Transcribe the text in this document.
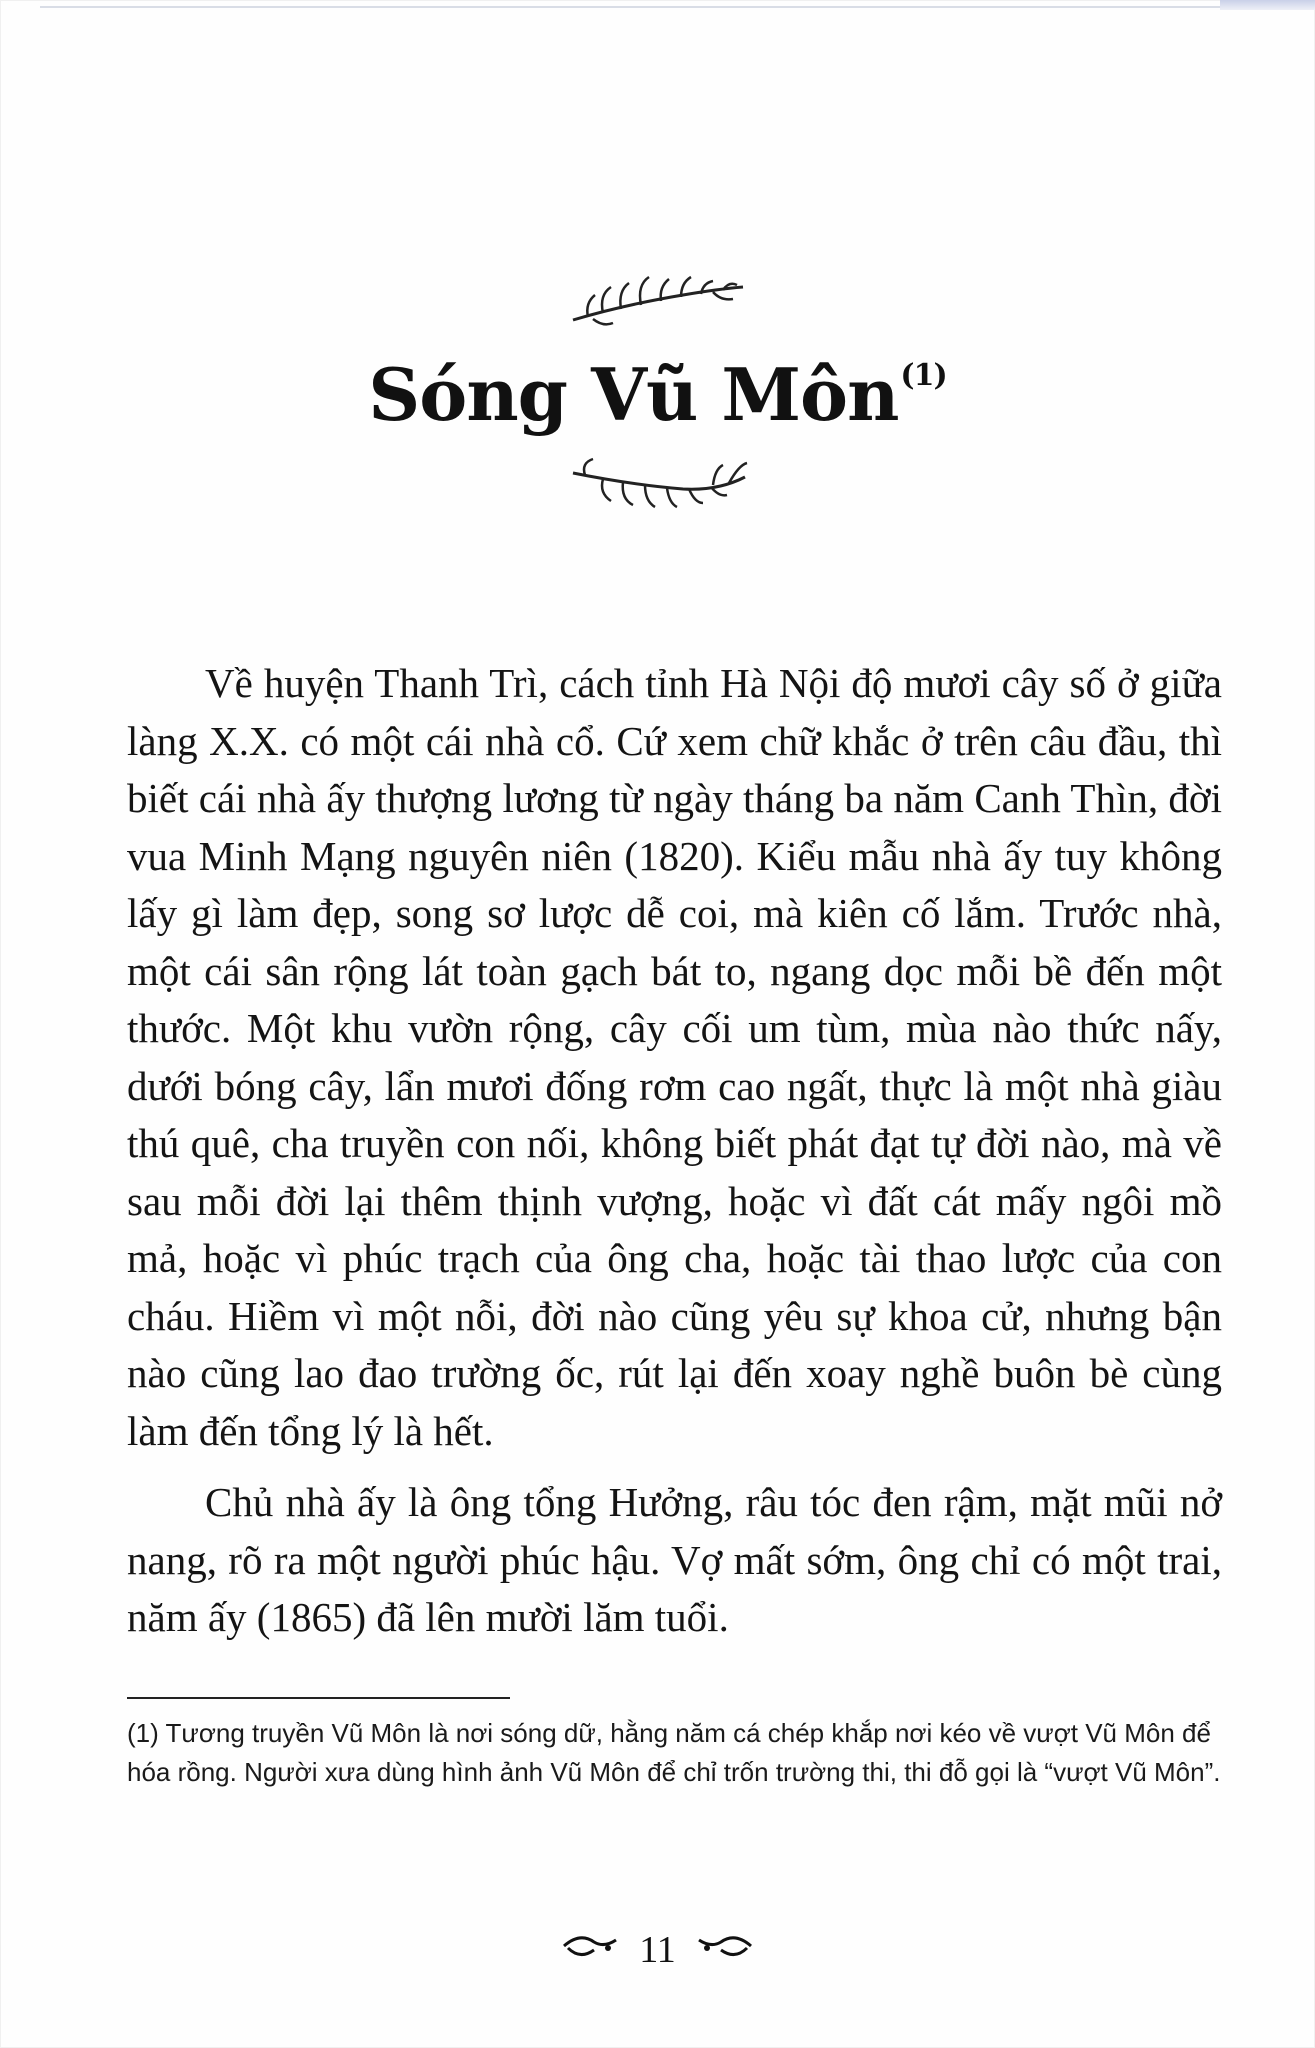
Sóng Vũ Môn$^{(1)}$

Về huyện Thanh Trì, cách tỉnh Hà Nội độ mươi cây số ở giữa làng X.X. có một cái nhà cổ. Cứ xem chữ khắc ở trên câu đầu, thì biết cái nhà ấy thượng lương từ ngày tháng ba năm Canh Thìn, đời vua Minh Mạng nguyên niên (1820). Kiểu mẫu nhà ấy tuy không lấy gì làm đẹp, song sơ lược dễ coi, mà kiên cố lắm. Trước nhà, một cái sân rộng lát toàn gạch bát to, ngang dọc mỗi bề đến một thước. Một khu vườn rộng, cây cối um tùm, mùa nào thức nấy, dưới bóng cây, lẩn mươi đống rơm cao ngất, thực là một nhà giàu thú quê, cha truyền con nối, không biết phát đạt tự đời nào, mà về sau mỗi đời lại thêm thịnh vượng, hoặc vì đất cát mấy ngôi mồ mả, hoặc vì phúc trạch của ông cha, hoặc tài thao lược của con cháu. Hiềm vì một nỗi, đời nào cũng yêu sự khoa cử, nhưng bận nào cũng lao đao trường ốc, rút lại đến xoay nghề buôn bè cùng làm đến tổng lý là hết.

Chủ nhà ấy là ông tổng Hưởng, râu tóc đen rậm, mặt mũi nở nang, rõ ra một người phúc hậu. Vợ mất sớm, ông chỉ có một trai, năm ấy (1865) đã lên mười lăm tuổi.

(1) Tương truyền Vũ Môn là nơi sóng dữ, hằng năm cá chép khắp nơi kéo về vượt Vũ Môn để hóa rồng. Người xưa dùng hình ảnh Vũ Môn để chỉ trốn trường thi, thi đỗ gọi là “vượt Vũ Môn”.
11
